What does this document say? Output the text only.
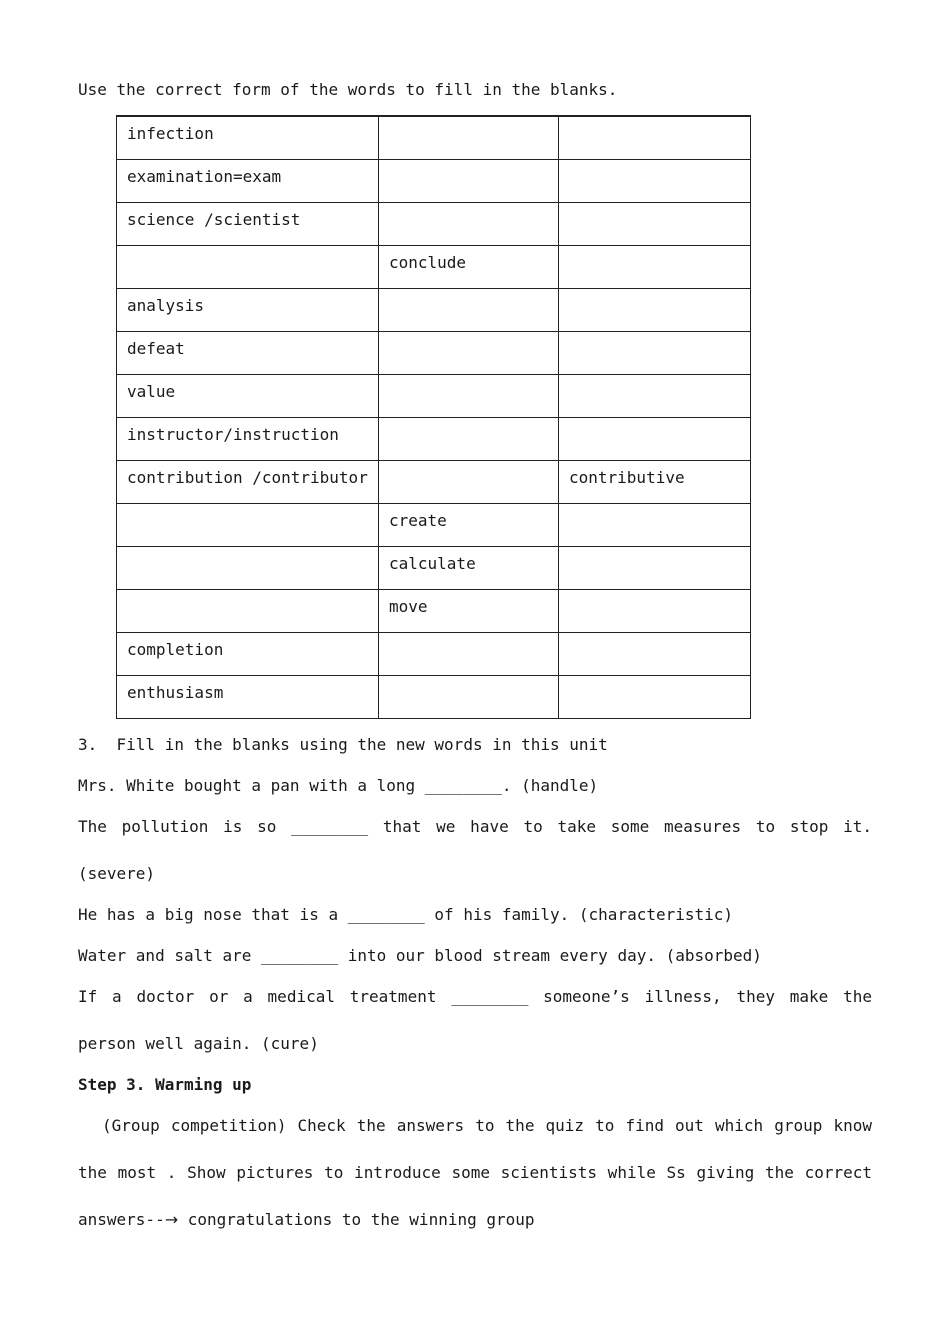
Use the correct form of the words to fill in the blanks.
infection		
examination=exam		
science /scientist		
	conclude	
analysis		
defeat		
value		
instructor/instruction		
contribution /contributor		contributive
	create	
	calculate	
	move	
completion		
enthusiasm		
3.  Fill in the blanks using the new words in this unit
Mrs. White bought a pan with a long ________. (handle)
The pollution is so ________ that we have to take some measures to stop it.
(severe)
He has a big nose that is a ________ of his family. (characteristic)
Water and salt are ________ into our blood stream every day. (absorbed)
If a doctor or a medical treatment ________ someone’s illness, they make the
person well again. (cure)
Step 3. Warming up
(Group competition) Check the answers to the quiz to find out which group know
the most . Show pictures to introduce some scientists while Ss giving the correct
answers--→ congratulations to the winning group
